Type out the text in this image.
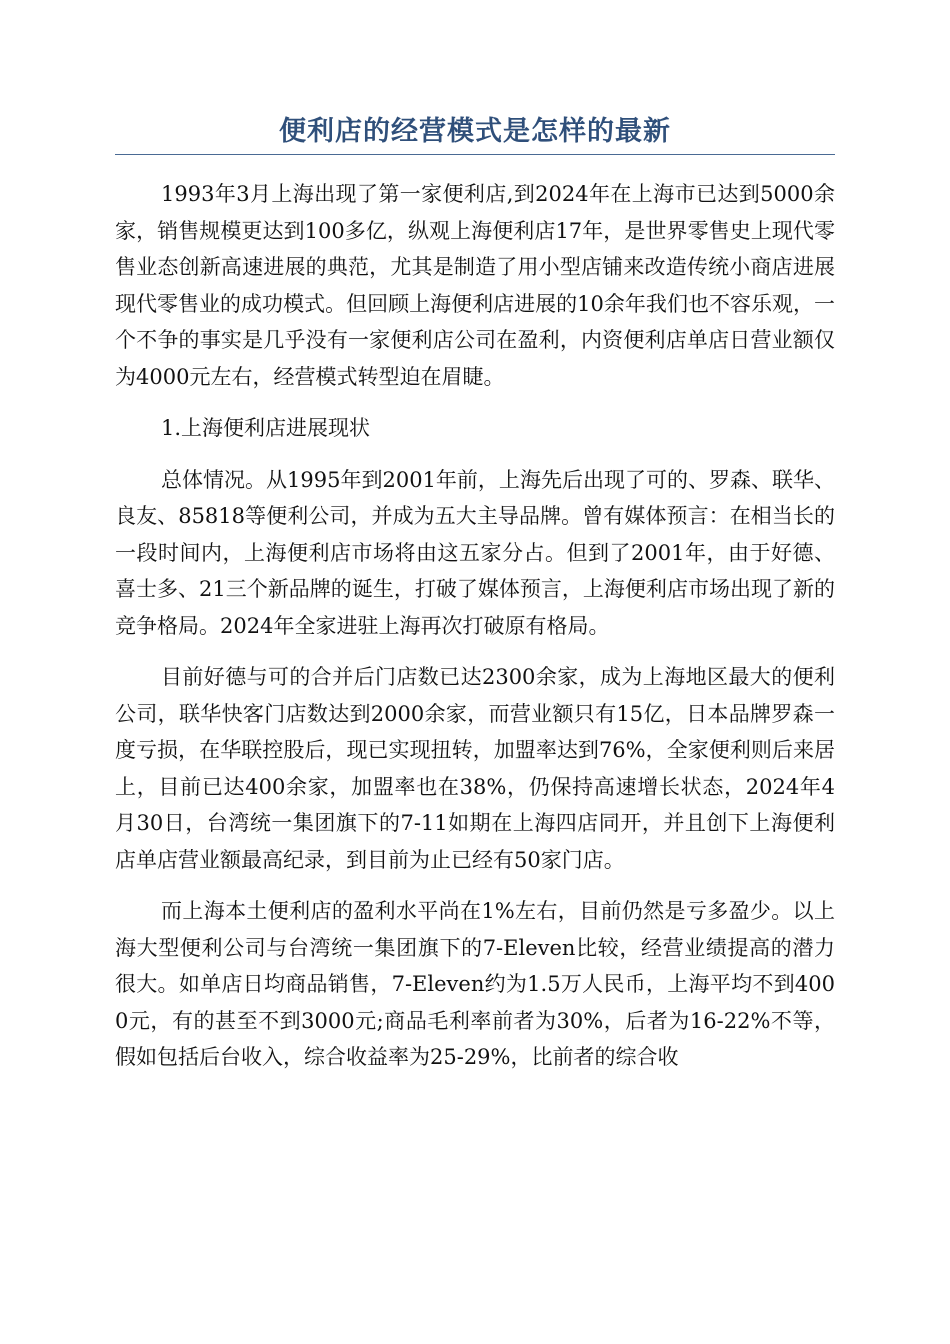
便利店的经营模式是怎样的最新

1993年3月上海出现了第一家便利店,到2024年在上海市已达到5000余家，销售规模更达到100多亿，纵观上海便利店17年，是世界零售史上现代零售业态创新高速进展的典范，尤其是制造了用小型店铺来改造传统小商店进展现代零售业的成功模式。但回顾上海便利店进展的10余年我们也不容乐观，一个不争的事实是几乎没有一家便利店公司在盈利，内资便利店单店日营业额仅为4000元左右，经营模式转型迫在眉睫。

1.上海便利店进展现状

总体情况。从1995年到2001年前，上海先后出现了可的、罗森、联华、良友、85818等便利公司，并成为五大主导品牌。曾有媒体预言：在相当长的一段时间内，上海便利店市场将由这五家分占。但到了2001年，由于好德、喜士多、21三个新品牌的诞生，打破了媒体预言，上海便利店市场出现了新的竞争格局。2024年全家进驻上海再次打破原有格局。

目前好德与可的合并后门店数已达2300余家，成为上海地区最大的便利公司，联华快客门店数达到2000余家，而营业额只有15亿，日本品牌罗森一度亏损，在华联控股后，现已实现扭转，加盟率达到76%，全家便利则后来居上，目前已达400余家，加盟率也在38%，仍保持高速增长状态，2024年4月30日，台湾统一集团旗下的7-11如期在上海四店同开，并且创下上海便利店单店营业额最高纪录，到目前为止已经有50家门店。

而上海本土便利店的盈利水平尚在1%左右，目前仍然是亏多盈少。以上海大型便利公司与台湾统一集团旗下的7-Eleven比较，经营业绩提高的潜力很大。如单店日均商品销售，7-Eleven约为1.5万人民币，上海平均不到4000元，有的甚至不到3000元;商品毛利率前者为30%，后者为16-22%不等，假如包括后台收入，综合收益率为25-29%，比前者的综合收
